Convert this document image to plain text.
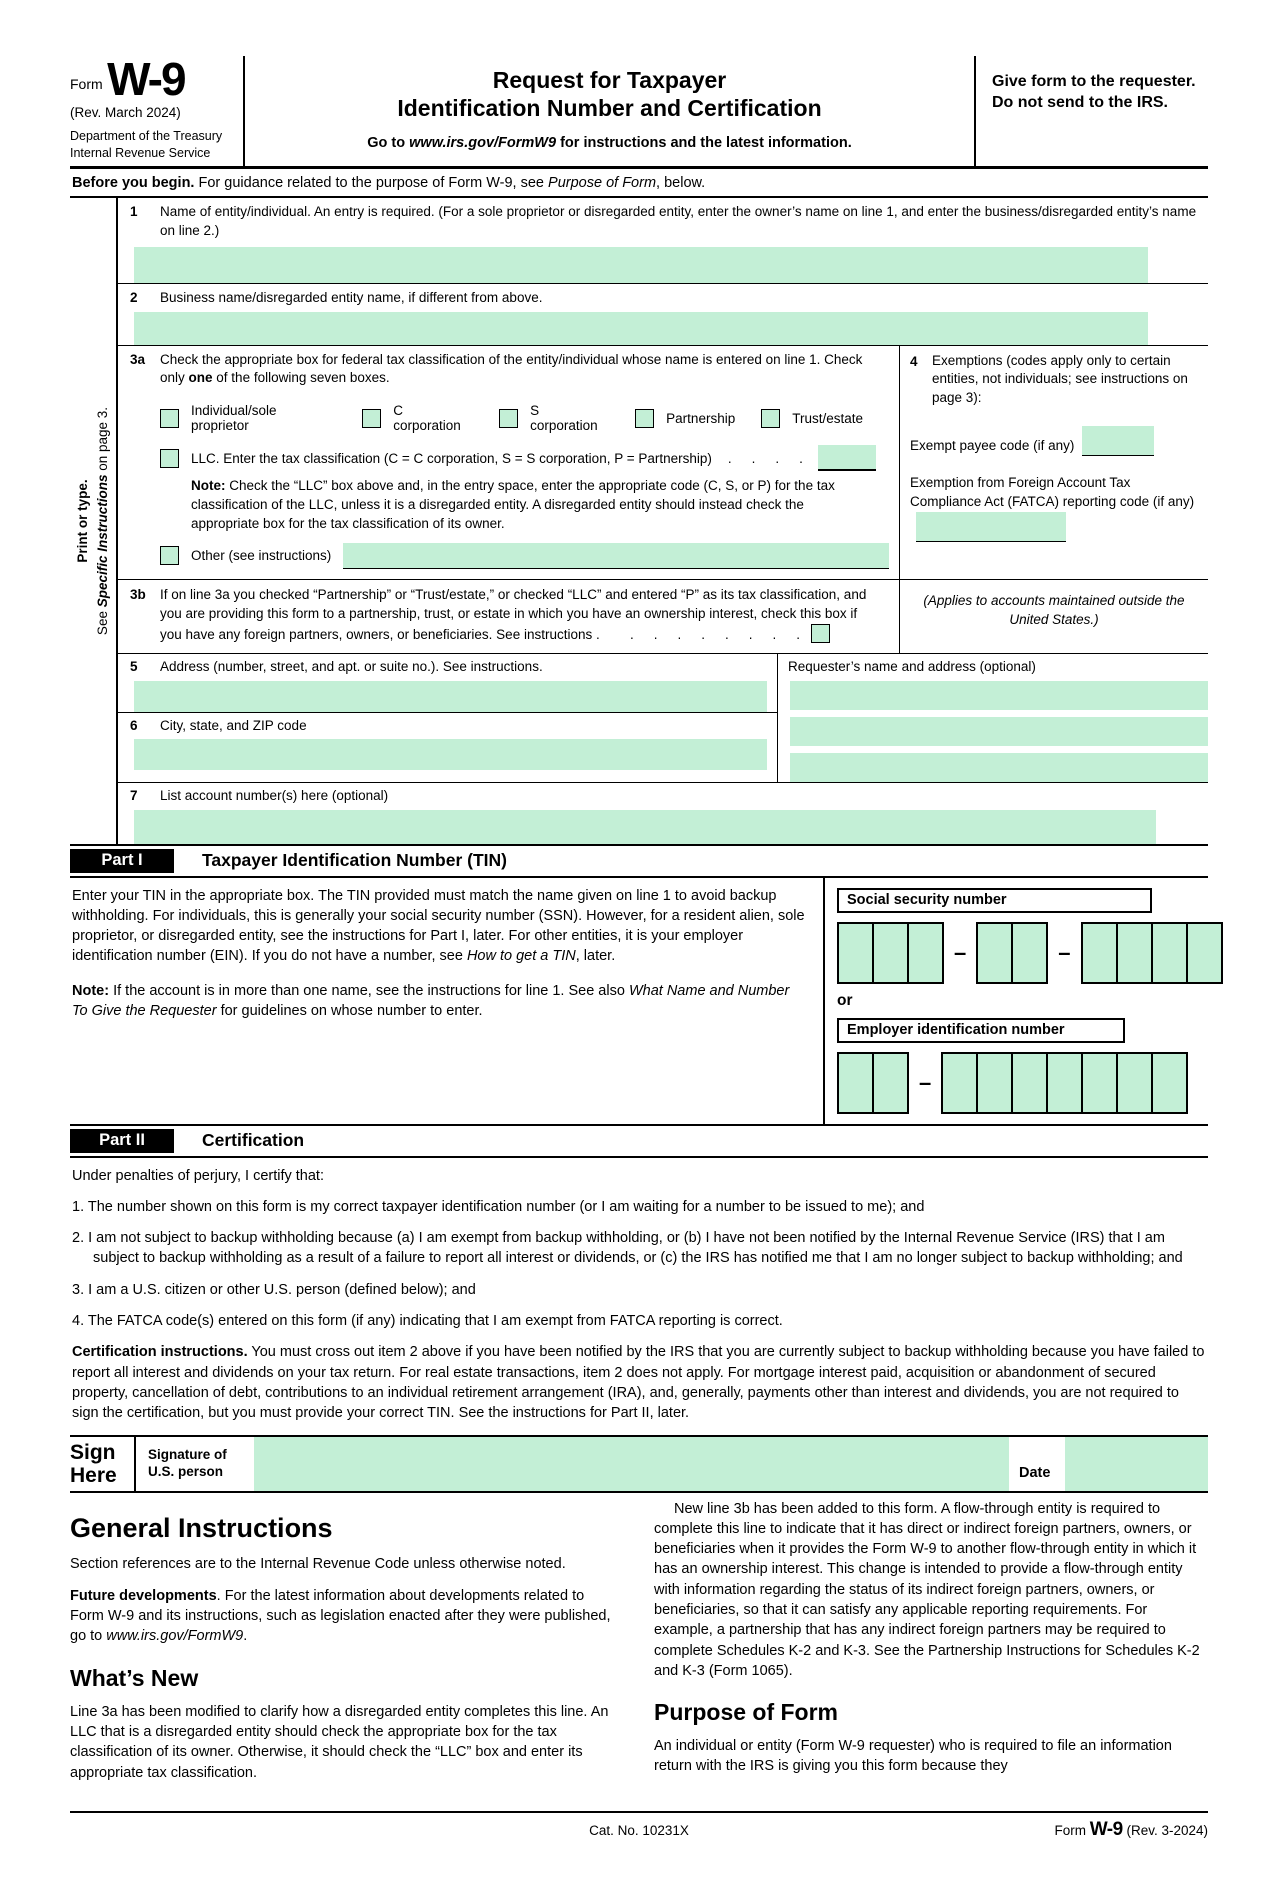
Form W-9
(Rev. March 2024)
Department of the Treasury
Internal Revenue Service
Request for Taxpayer
Identification Number and Certification
Go to www.irs.gov/FormW9 for instructions and the latest information.
Give form to the requester. Do not send to the IRS.
Before you begin. For guidance related to the purpose of Form W-9, see Purpose of Form, below.
Print or type.
See Specific Instructions on page 3.
1	Name of entity/individual. An entry is required. (For a sole proprietor or disregarded entity, enter the owner’s name on line 1, and enter the business/disregarded entity’s name on line 2.)
2	Business name/disregarded entity name, if different from above.
3a	Check the appropriate box for federal tax classification of the entity/individual whose name is entered on line 1. Check only one of the following seven boxes.
Individual/sole proprietor
C corporation
S corporation	Partnership	Trust/estate
LLC. Enter the tax classification (C = C corporation, S = S corporation, P = Partnership) .    .    .    .
Note: Check the “LLC” box above and, in the entry space, enter the appropriate code (C, S, or P) for the tax classification of the LLC, unless it is a disregarded entity. A disregarded entity should instead check the appropriate box for the tax classification of its owner.
Other (see instructions)
4	Exemptions (codes apply only to certain entities, not individuals; see instructions on page 3):
Exempt payee code (if any)
Exemption from Foreign Account Tax Compliance Act (FATCA) reporting code (if any)
3b	If on line 3a you checked “Partnership” or “Trust/estate,” or checked “LLC” and entered “P” as its tax classification, and you are providing this form to a partnership, trust, or estate in which you have an ownership interest, check this box if you have any foreign partners, owners, or beneficiaries. See instructions .   .    .    .    .    .    .    .    .
(Applies to accounts maintained outside the United States.)
5	Address (number, street, and apt. or suite no.). See instructions.
6	City, state, and ZIP code
Requester’s name and address (optional)
7	List account number(s) here (optional)
Part I	Taxpayer Identification Number (TIN)

Enter your TIN in the appropriate box. The TIN provided must match the name given on line 1 to avoid backup withholding. For individuals, this is generally your social security number (SSN). However, for a resident alien, sole proprietor, or disregarded entity, see the instructions for Part I, later. For other entities, it is your employer identification number (EIN). If you do not have a number, see How to get a TIN, later.

Note: If the account is in more than one name, see the instructions for line 1. See also What Name and Number To Give the Requester for guidelines on whose number to enter.

Social security number
–	–
or
Employer identification number
–
Part II	Certification

Under penalties of perjury, I certify that:

1. The number shown on this form is my correct taxpayer identification number (or I am waiting for a number to be issued to me); and

2. I am not subject to backup withholding because (a) I am exempt from backup withholding, or (b) I have not been notified by the Internal Revenue Service (IRS) that I am subject to backup withholding as a result of a failure to report all interest or dividends, or (c) the IRS has notified me that I am no longer subject to backup withholding; and

3. I am a U.S. citizen or other U.S. person (defined below); and

4. The FATCA code(s) entered on this form (if any) indicating that I am exempt from FATCA reporting is correct.

Certification instructions. You must cross out item 2 above if you have been notified by the IRS that you are currently subject to backup withholding because you have failed to report all interest and dividends on your tax return. For real estate transactions, item 2 does not apply. For mortgage interest paid, acquisition or abandonment of secured property, cancellation of debt, contributions to an individual retirement arrangement (IRA), and, generally, payments other than interest and dividends, you are not required to sign the certification, but you must provide your correct TIN. See the instructions for Part II, later.

Sign
Here
Signature of
U.S. person	Date
General Instructions

Section references are to the Internal Revenue Code unless otherwise noted.

Future developments. For the latest information about developments related to Form W-9 and its instructions, such as legislation enacted after they were published, go to www.irs.gov/FormW9.

What’s New

Line 3a has been modified to clarify how a disregarded entity completes this line. An LLC that is a disregarded entity should check the appropriate box for the tax classification of its owner. Otherwise, it should check the “LLC” box and enter its appropriate tax classification.

New line 3b has been added to this form. A flow-through entity is required to complete this line to indicate that it has direct or indirect foreign partners, owners, or beneficiaries when it provides the Form W-9 to another flow-through entity in which it has an ownership interest. This change is intended to provide a flow-through entity with information regarding the status of its indirect foreign partners, owners, or beneficiaries, so that it can satisfy any applicable reporting requirements. For example, a partnership that has any indirect foreign partners may be required to complete Schedules K-2 and K-3. See the Partnership Instructions for Schedules K-2 and K-3 (Form 1065).

Purpose of Form

An individual or entity (Form W-9 requester) who is required to file an information return with the IRS is giving you this form because they

Cat. No. 10231X	Form W-9 (Rev. 3-2024)
